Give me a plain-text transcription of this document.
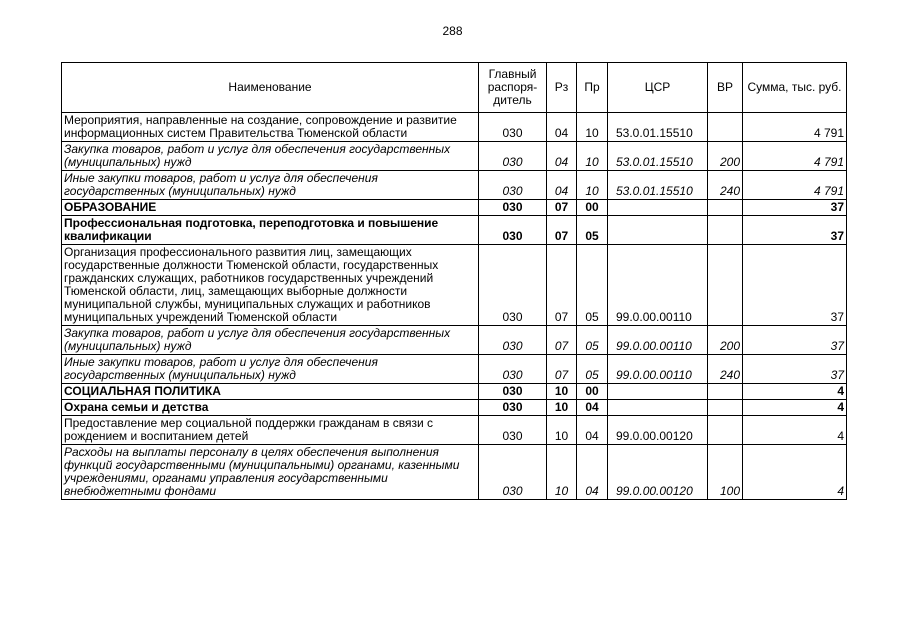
288
Наименование	Главный распоря-дитель	Рз	Пр	ЦСР	ВР	Сумма, тыс. руб.
Мероприятия, направленные на создание, сопровождение и развитие информационных систем Правительства Тюменской области	030	04	10	53.0.01.15510		4 791
Закупка товаров, работ и услуг для обеспечения государственных (муниципальных) нужд	030	04	10	53.0.01.15510	200	4 791
Иные закупки товаров, работ и услуг для обеспечения государственных (муниципальных) нужд	030	04	10	53.0.01.15510	240	4 791
ОБРАЗОВАНИЕ	030	07	00			37
Профессиональная подготовка, переподготовка и повышение квалификации	030	07	05			37
Организация профессионального развития лиц, замещающих государственные должности Тюменской области, государственных гражданских служащих, работников государственных учреждений Тюменской области, лиц, замещающих выборные должности муниципальной службы, муниципальных служащих и работников муниципальных учреждений Тюменской области	030	07	05	99.0.00.00110		37
Закупка товаров, работ и услуг для обеспечения государственных (муниципальных) нужд	030	07	05	99.0.00.00110	200	37
Иные закупки товаров, работ и услуг для обеспечения государственных (муниципальных) нужд	030	07	05	99.0.00.00110	240	37
СОЦИАЛЬНАЯ ПОЛИТИКА	030	10	00			4
Охрана семьи и детства	030	10	04			4
Предоставление мер социальной поддержки гражданам в связи с рождением и воспитанием детей	030	10	04	99.0.00.00120		4
Расходы на выплаты персоналу в целях обеспечения выполнения функций государственными (муниципальными) органами, казенными учреждениями, органами управления государственными внебюджетными фондами	030	10	04	99.0.00.00120	100	4
